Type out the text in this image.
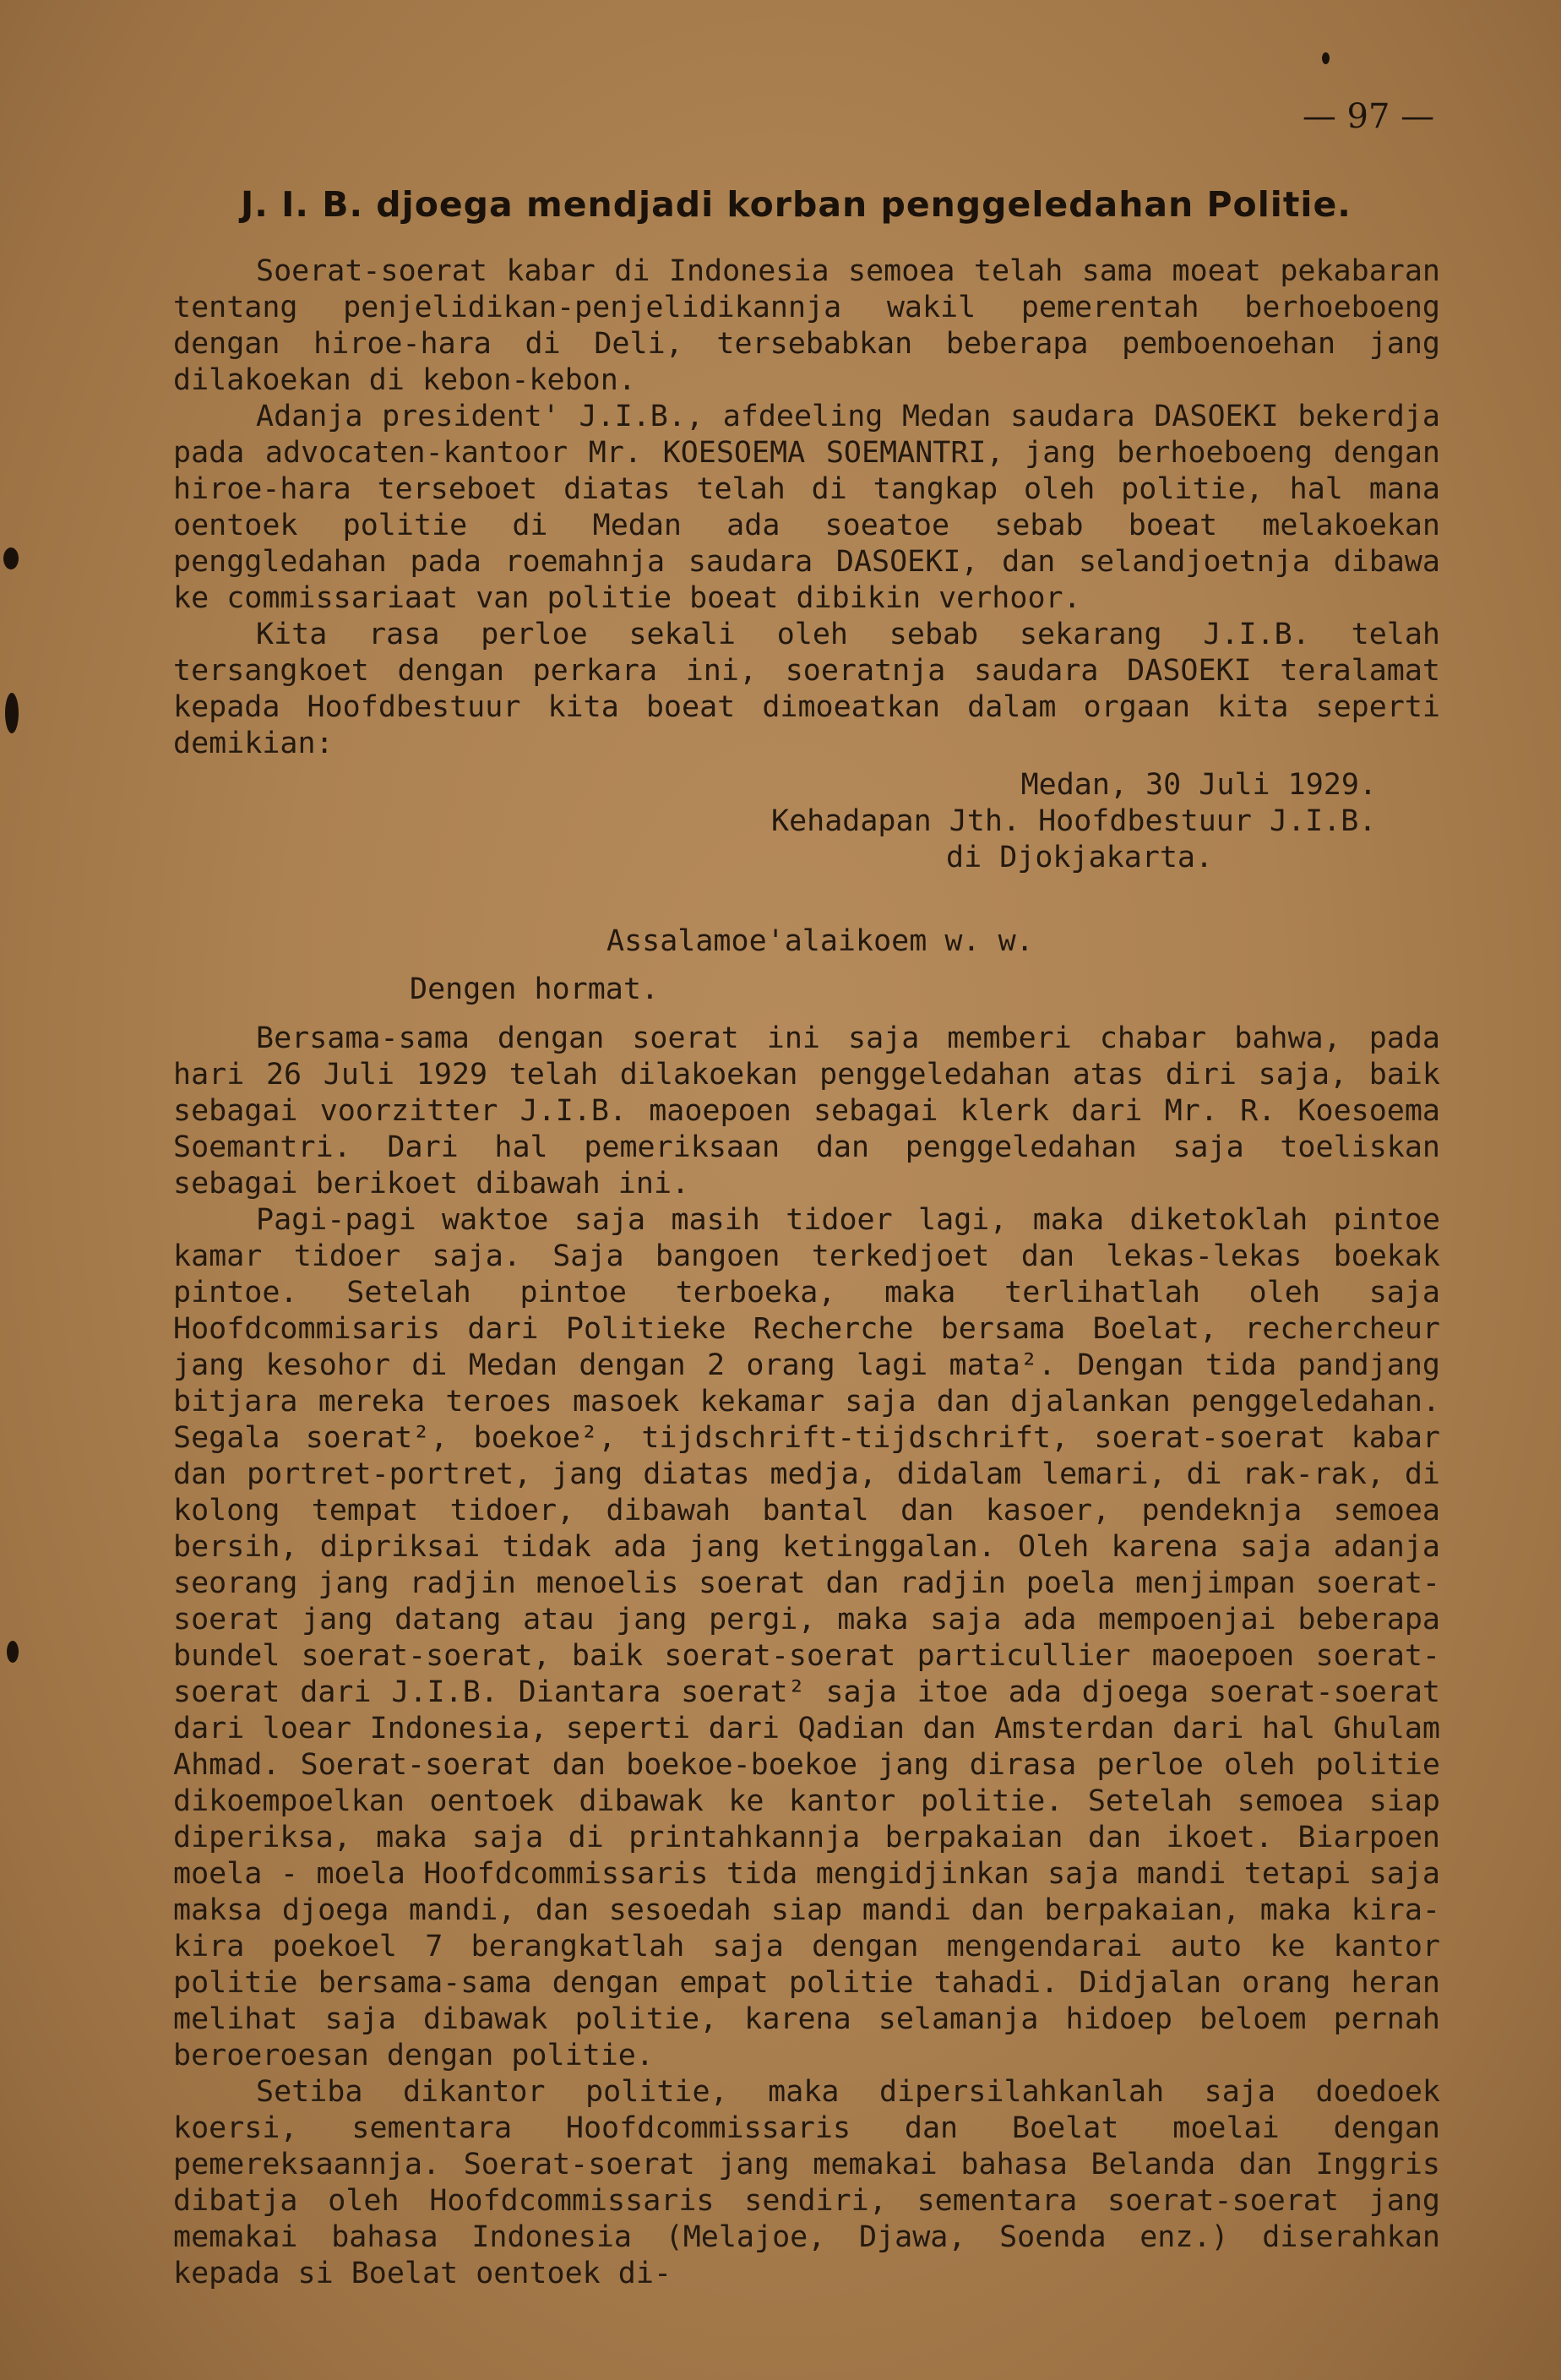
— 97 —
J. I. B. djoega mendjadi korban penggeledahan Politie.

Soerat-soerat kabar di Indonesia semoea telah sama moeat pekabaran tentang penjelidikan-penjelidikannja wakil pemerentah berhoeboeng dengan hiroe-hara di Deli, tersebabkan beberapa pemboenoehan jang dilakoekan di kebon-kebon.

Adanja president' J.I.B., afdeeling Medan saudara DASOEKI bekerdja pada advocaten-kantoor Mr. KOESOEMA SOEMANTRI, jang berhoeboeng dengan hiroe-hara terseboet diatas telah di tangkap oleh politie, hal mana oentoek politie di Medan ada soeatoe sebab boeat melakoekan penggledahan pada roemahnja saudara DASOEKI, dan selandjoetnja dibawa ke commissariaat van politie boeat dibikin verhoor.

Kita rasa perloe sekali oleh sebab sekarang J.I.B. telah tersangkoet dengan perkara ini, soeratnja saudara DASOEKI teralamat kepada Hoofdbestuur kita boeat dimoeatkan dalam orgaan kita seperti demikian:

Medan, 30 Juli 1929.
Kehadapan Jth. Hoofdbestuur J.I.B.
di Djokjakarta.
Assalamoe'alaikoem w. w.
Dengen hormat.

Bersama-sama dengan soerat ini saja memberi chabar bahwa, pada hari 26 Juli 1929 telah dilakoekan penggeledahan atas diri saja, baik sebagai voorzitter J.I.B. maoepoen sebagai klerk dari Mr. R. Koesoema Soemantri. Dari hal pemeriksaan dan penggeledahan saja toeliskan sebagai berikoet dibawah ini.

Pagi-pagi waktoe saja masih tidoer lagi, maka diketoklah pintoe kamar tidoer saja. Saja bangoen terkedjoet dan lekas-lekas boekak pintoe. Setelah pintoe terboeka, maka terlihatlah oleh saja Hoofdcommisaris dari Politieke Recherche bersama Boelat, rechercheur jang kesohor di Medan dengan 2 orang lagi mata². Dengan tida pandjang bitjara mereka teroes masoek kekamar saja dan djalankan penggeledahan. Segala soerat², boekoe², tijdschrift-tijdschrift, soerat-soerat kabar dan portret-portret, jang diatas medja, didalam lemari, di rak-rak, di kolong tempat tidoer, dibawah bantal dan kasoer, pendeknja semoea bersih, dipriksai tidak ada jang ketinggalan. Oleh karena saja adanja seorang jang radjin menoelis soerat dan radjin poela menjimpan soerat-soerat jang datang atau jang pergi, maka saja ada mempoenjai beberapa bundel soerat-soerat, baik soerat-soerat particullier maoepoen soerat-soerat dari J.I.B. Diantara soerat² saja itoe ada djoega soerat-soerat dari loear Indonesia, seperti dari Qadian dan Amsterdan dari hal Ghulam Ahmad. Soerat-soerat dan boekoe-boekoe jang dirasa perloe oleh politie dikoempoelkan oentoek dibawak ke kantor politie. Setelah semoea siap diperiksa, maka saja di printahkannja berpakaian dan ikoet. Biarpoen moela - moela Hoofdcommissaris tida mengidjinkan saja mandi tetapi saja maksa djoega mandi, dan sesoedah siap mandi dan berpakaian, maka kira-kira poekoel 7 berangkatlah saja dengan mengendarai auto ke kantor politie bersama-sama dengan empat politie tahadi. Didjalan orang heran melihat saja dibawak politie, karena selamanja hidoep beloem pernah beroeroesan dengan politie.

Setiba dikantor politie, maka dipersilahkanlah saja doedoek koersi, sementara Hoofdcommissaris dan Boelat moelai dengan pemereksaannja. Soerat-soerat jang memakai bahasa Belanda dan Inggris dibatja oleh Hoofdcommissaris sendiri, sementara soerat-soerat jang memakai bahasa Indonesia (Melajoe, Djawa, Soenda enz.) diserahkan kepada si Boelat oentoek di-
